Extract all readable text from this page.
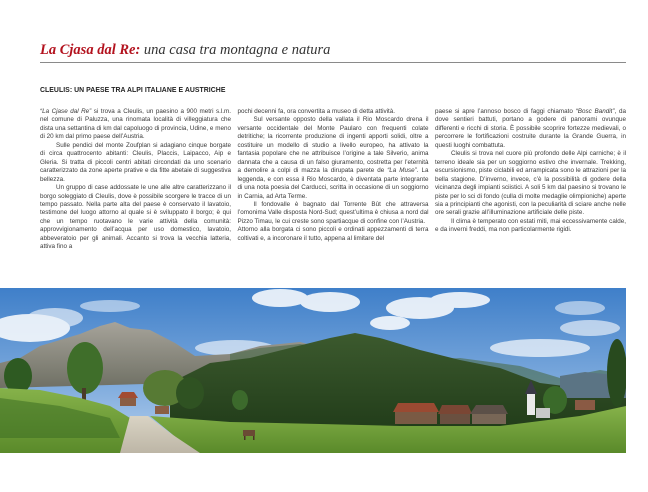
La Cjasa dal Re: una casa tra montagna e natura
CLEULIS: UN PAESE TRA ALPI ITALIANE E AUSTRICHE

“La Cjase dal Re” si trova a Cleulis, un paesino a 900 metri s.l.m. nel comune di Paluzza, una rinomata località di villeggiatura che dista una settantina di km dal capoluogo di provincia, Udine, e meno di 20 km dal primo paese dell’Austria.

Sulle pendici del monte Zoufplan si adagiano cinque borgate di circa quattrocento abitanti: Cleulis, Placcis, Laipacco, Aip e Gleria. Si tratta di piccoli centri abitati circondati da uno scenario caratterizzato da zone aperte prative e da fitte abetaie di suggestiva bellezza.

Un gruppo di case addossate le une alle altre caratterizzano il borgo soleggiato di Cleulis, dove è possibile scorgere le tracce di un tempo passato. Nella parte alta del paese è conservato il lavatoio, testimone del luogo attorno al quale si è sviluppato il borgo; è qui che un tempo ruotavano le varie attività della comunità: approvvigionamento dell’acqua per uso domestico, lavatoio, abbeveratoio per gli animali. Accanto si trova la vecchia latteria, attiva fino a

pochi decenni fa, ora convertita a museo di detta attività.

Sul versante opposto della vallata il Rio Moscardo drena il versante occidentale del Monte Paularo con frequenti colate detritiche; la ricorrente produzione di ingenti apporti solidi, oltre a costituire un modello di studio a livello europeo, ha attivato la fantasia popolare che ne attribuisce l’origine a tale Silverio, anima dannata che a causa di un falso giuramento, costretta per l’eternità a demolire a colpi di mazza la dirupata parete de “La Muse”. La leggenda, e con essa il Rio Moscardo, è diventata parte integrante di una nota poesia del Carducci, scritta in occasione di un soggiorno in Carnia, ad Arta Terme.

Il fondovalle è bagnato dal Torrente Bût che attraversa l’omonima Valle disposta Nord-Sud; quest’ultima è chiusa a nord dal Pizzo Timau, le cui creste sono spartiacque di confine con l’Austria.

Attorno alla borgata ci sono piccoli e ordinati appezzamenti di terra coltivati e, a incoronare il tutto, appena al limitare del

paese si apre l’annoso bosco di faggi chiamato “Bosc Bandit”, da dove sentieri battuti, portano a godere di panorami ovunque differenti e ricchi di storia. È possibile scoprire fortezze medievali, o percorrere le fortificazioni costruite durante la Grande Guerra, in questi luoghi combattuta.

Cleulis si trova nel cuore più profondo delle Alpi carniche; è il terreno ideale sia per un soggiorno estivo che invernale. Trekking, escursionismo, piste ciclabili ed arrampicata sono le attrazioni per la bella stagione. D’inverno, invece, c’è la possibilità di godere della vicinanza degli impianti sciistici. A soli 5 km dal paesino si trovano le piste per lo sci di fondo (culla di molte medaglie olimpioniche) aperte sia a principianti che agonisti, con la peculiarità di sciare anche nelle ore serali grazie all’illuminazione artificiale delle piste.

Il clima è temperato con estati miti, mai eccessivamente calde, e da inverni freddi, ma non particolarmente rigidi.
